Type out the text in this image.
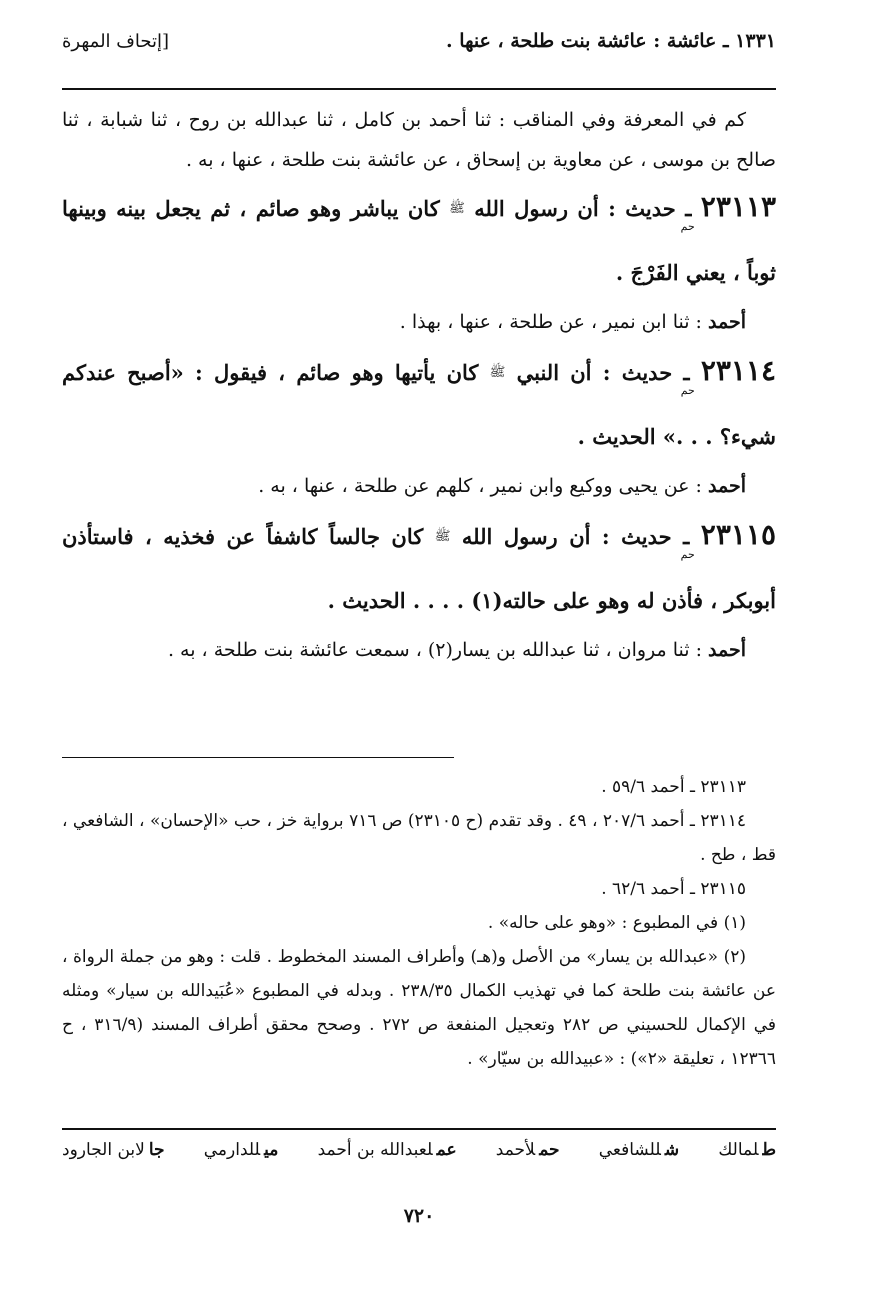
١٣٣١ ـ عائشة : عائشة بنت طلحة ، عنها .
[إتحاف المهرة

كم في المعرفة وفي المناقب : ثنا أحمد بن كامل ، ثنا عبدالله بن روح ، ثنا شبابة ، ثنا صالح بن موسى ، عن معاوية بن إسحاق ، عن عائشة بنت طلحة ، عنها ، به .

٢٣١١٣حم ـ حديث : أن رسول الله ﷺ كان يباشر وهو صائم ، ثم يجعل بينه وبينها ثوباً ، يعني الفَرْجَ .

أحمد : ثنا ابن نمير ، عن طلحة ، عنها ، بهذا .

٢٣١١٤حم ـ حديث : أن النبي ﷺ كان يأتيها وهو صائم ، فيقول : «أصبح عندكم شيء؟ . . .» الحديث .

أحمد : عن يحيى ووكيع وابن نمير ، كلهم عن طلحة ، عنها ، به .

٢٣١١٥حم ـ حديث : أن رسول الله ﷺ كان جالساً كاشفاً عن فخذيه ، فاستأذن أبوبكر ، فأذن له وهو على حالته(١) . . . . الحديث .

أحمد : ثنا مروان ، ثنا عبدالله بن يسار(٢) ، سمعت عائشة بنت طلحة ، به .

٢٣١١٣ ـ أحمد ٥٩/٦ .

٢٣١١٤ ـ أحمد ٢٠٧/٦ ، ٤٩ . وقد تقدم (ح ٢٣١٠٥) ص ٧١٦ برواية خز ، حب «الإحسان» ، الشافعي ، قط ، طح .

٢٣١١٥ ـ أحمد ٦٢/٦ .

(١) في المطبوع : «وهو على حاله» .

(٢) «عبدالله بن يسار» من الأصل و(هـ) وأطراف المسند المخطوط . قلت : وهو من جملة الرواة ، عن عائشة بنت طلحة كما في تهذيب الكمال ٢٣٨/٣٥ . وبدله في المطبوع «عُبَيدالله بن سيار» ومثله في الإكمال للحسيني ص ٢٨٢ وتعجيل المنفعة ص ٢٧٢ . وصحح محقق أطراف المسند (٣١٦/٩ ، ح ١٢٣٦٦ ، تعليقة «٢») : «عبيدالله بن سيّار» .

طلمالك
شللشافعي
حملأحمد
عملعبدالله بن أحمد
ميللدارمي
جالابن الجارود
٧٢٠
